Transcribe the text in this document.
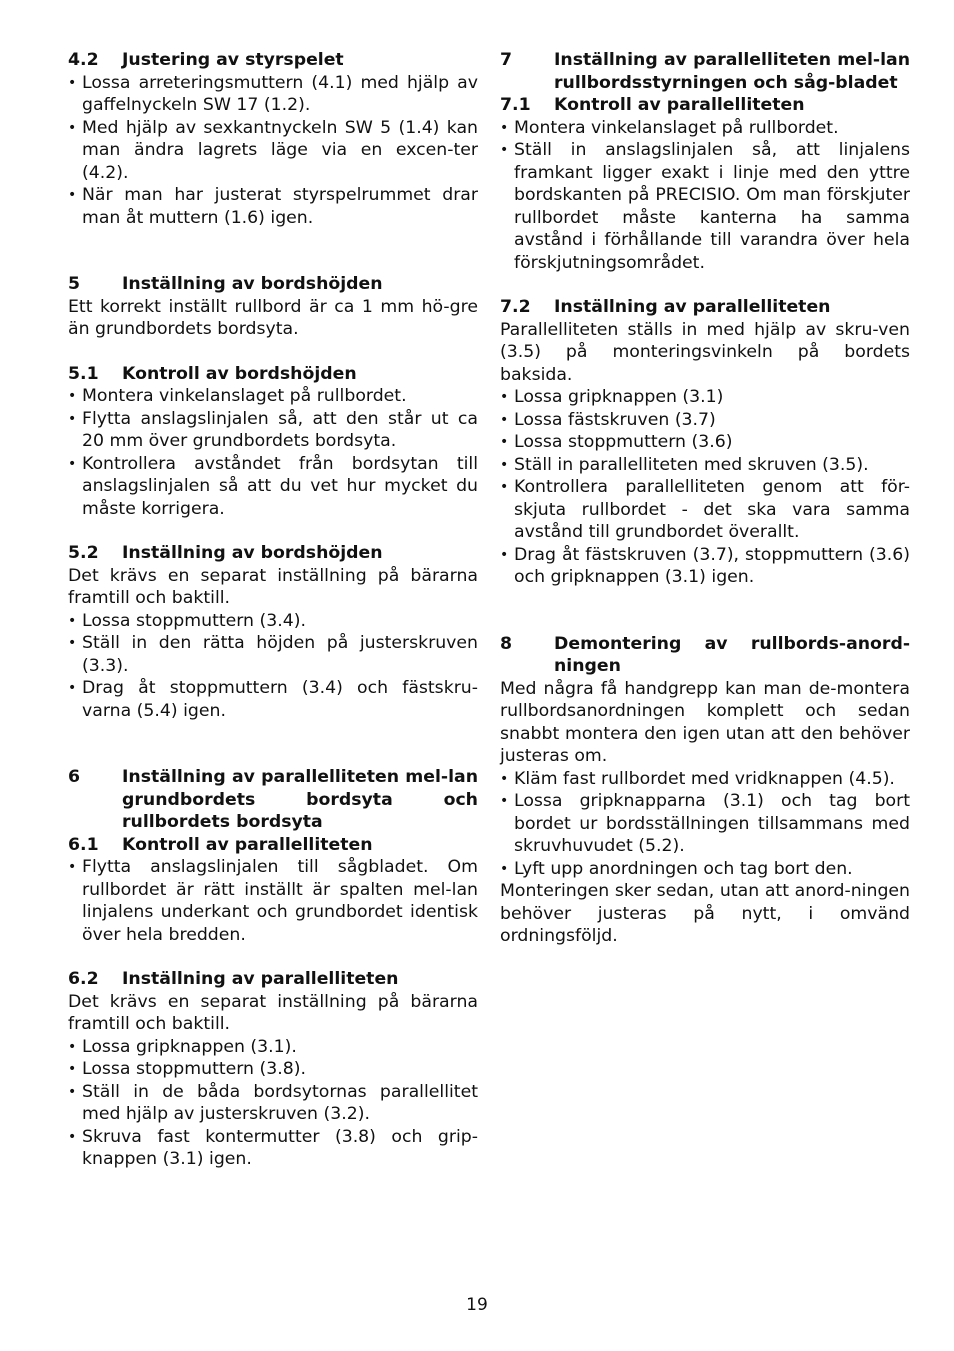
4.2	Justering av styrspelet
• Lossa arreteringsmuttern (4.1) med hjälp av gaffelnyckeln SW 17 (1.2).
• Med hjälp av sexkantnyckeln SW 5 (1.4) kan man ändra lagrets läge via en excen-ter (4.2).
• När man har justerat styrspelrummet drar man åt muttern (1.6) igen.
5	Inställning av bordshöjden

Ett korrekt inställt rullbord är ca 1 mm hö-gre än grundbordets bordsyta.

5.1	Kontroll av bordshöjden
• Montera vinkelanslaget på rullbordet.
• Flytta anslagslinjalen så, att den står ut ca 20 mm över grundbordets bordsyta.
• Kontrollera avståndet från bordsytan till anslagslinjalen så att du vet hur mycket du måste korrigera.
5.2	Inställning av bordshöjden

Det krävs en separat inställning på bärarna framtill och baktill.

• Lossa stoppmuttern (3.4).
• Ställ in den rätta höjden på justerskruven (3.3).
• Drag åt stoppmuttern (3.4) och fästskru-varna (5.4) igen.
6	Inställning av parallelliteten mel-lan grundbordets bordsyta och rullbordets bordsyta
6.1	Kontroll av parallelliteten
• Flytta anslagslinjalen till sågbladet. Om rullbordet är rätt inställt är spalten mel-lan linjalens underkant och grundbordet identisk över hela bredden.
6.2	Inställning av parallelliteten

Det krävs en separat inställning på bärarna framtill och baktill.

• Lossa gripknappen (3.1).
• Lossa stoppmuttern (3.8).
• Ställ in de båda bordsytornas parallellitet med hjälp av justerskruven (3.2).
• Skruva fast kontermutter (3.8) och grip-knappen (3.1) igen.
7	Inställning av parallelliteten mel-lan rullbordsstyrningen och såg-bladet
7.1	Kontroll av parallelliteten
• Montera vinkelanslaget på rullbordet.
• Ställ in anslagslinjalen så, att linjalens framkant ligger exakt i linje med den yttre bordskanten på PRECISIO. Om man förskjuter rullbordet måste kanterna ha samma avstånd i förhållande till varandra över hela förskjutningsområdet.
7.2	Inställning av parallelliteten

Parallelliteten ställs in med hjälp av skru-ven (3.5) på monteringsvinkeln på bordets baksida.

• Lossa gripknappen (3.1)
• Lossa fästskruven (3.7)
• Lossa stoppmuttern (3.6)
• Ställ in parallelliteten med skruven (3.5).
• Kontrollera parallelliteten genom att för-skjuta rullbordet - det ska vara samma avstånd till grundbordet överallt.
• Drag åt fästskruven (3.7), stoppmuttern (3.6) och gripknappen (3.1) igen.
8	Demontering av rullbords-anord-ningen

Med några få handgrepp kan man de-montera rullbordsanordningen komplett och sedan snabbt montera den igen utan att den behöver justeras om.

• Kläm fast rullbordet med vridknappen (4.5).
• Lossa gripknapparna (3.1) och tag bort bordet ur bordsställningen tillsammans med skruvhuvudet (5.2).
• Lyft upp anordningen och tag bort den.

Monteringen sker sedan, utan att anord-ningen behöver justeras på nytt, i omvänd ordningsföljd.

19
